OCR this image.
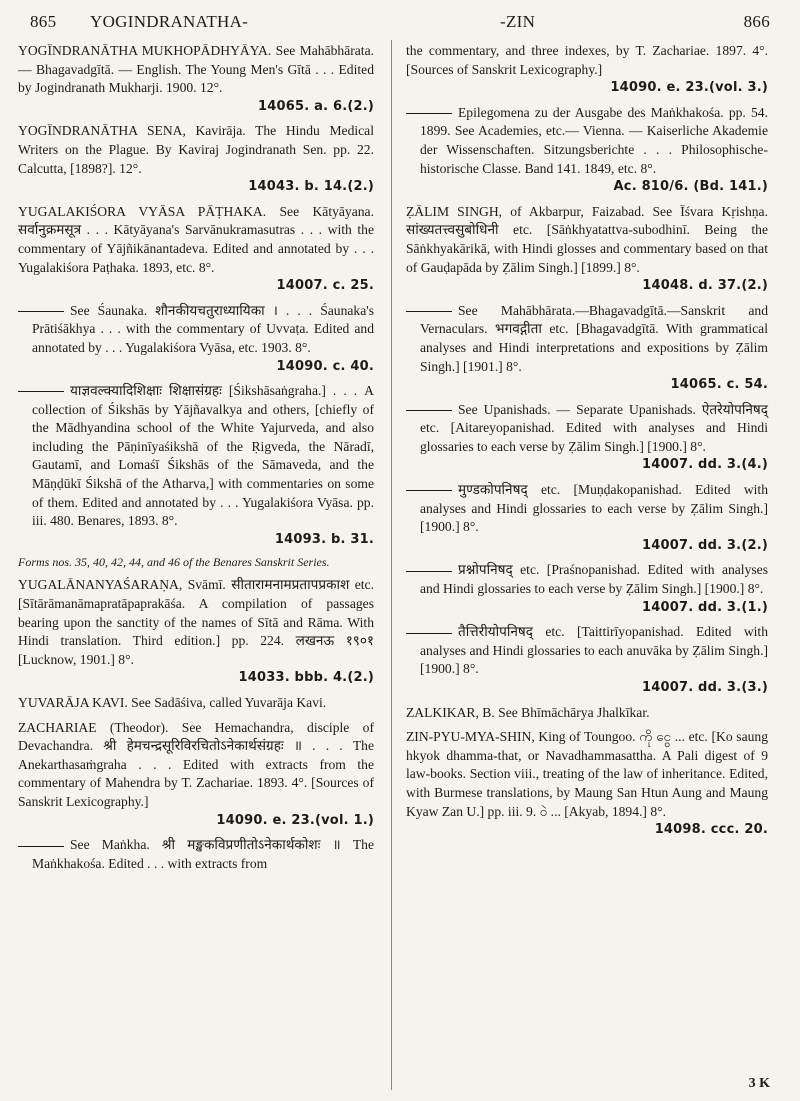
865 YOGINDRANATHA-	-ZIN	866
YOGĪNDRANĀTHA MUKHOPĀDHYĀYA. See Mahābhārata. — Bhagavadgītā. — English. The Young Men's Gītā . . . Edited by Jogindranath Mukharji. 1900. 12°.
14065. a. 6.(2.)
YOGĪNDRANĀTHA SENA, Kavirāja. The Hindu Medical Writers on the Plague. By Kaviraj Jogindranath Sen. pp. 22. Calcutta, [1898?]. 12°.
14043. b. 14.(2.)
YUGALAKIŚORA VYĀSA PĀṬHAKA. See Kātyāyana. सर्वानुक्रमसूत्र . . . Kātyāyana's Sarvānukramasutras . . . with the commentary of Yājñikānantadeva. Edited and annotated by . . . Yugalakiśora Paṭhaka. 1893, etc. 8°.
14007. c. 25.
See Śaunaka. शौनकीयचतुराध्यायिका । . . . Śaunaka's Prātiśākhya . . . with the commentary of Uvvaṭa. Edited and annotated by . . . Yugalakiśora Vyāsa, etc. 1903. 8°.
14090. c. 40.
याज्ञवल्क्यादिशिक्षाः शिक्षासंग्रहः [Śikshāsaṅgraha.] . . . A collection of Śikshās by Yājñavalkya and others, [chiefly of the Mādhyandina school of the White Yajurveda, and also including the Pāṇinīyaśikshā of the Ṛigveda, the Nāradī, Gautamī, and Lomaśī Śikshās of the Sāmaveda, and the Māṇḍūkī Śikshā of the Atharva,] with commentaries on some of them. Edited and annotated by . . . Yugalakiśora Vyāsa. pp. iii. 480. Benares, 1893. 8°.
14093. b. 31.
Forms nos. 35, 40, 42, 44, and 46 of the Benares Sanskrit Series.
YUGALĀNANYAŚARAṆA, Svāmī. सीतारामनामप्रतापप्रकाश etc. [Sītārāmanāmapratāpaprakāśa. A compilation of passages bearing upon the sanctity of the names of Sītā and Rāma. With Hindi translation. Third edition.] pp. 224. लखनऊ १९०१ [Lucknow, 1901.] 8°.
14033. bbb. 4.(2.)
YUVARĀJA KAVI. See Sadāśiva, called Yuvarāja Kavi.
ZACHARIAE (Theodor). See Hemachandra, disciple of Devachandra. श्री हेमचन्द्रसूरिविरचितोऽनेकार्थसंग्रहः ॥ . . . The Anekarthasaṁgraha . . . Edited with extracts from the commentary of Mahendra by T. Zachariae. 1893. 4°. [Sources of Sanskrit Lexicography.]
14090. e. 23.(vol. 1.)
See Maṅkha. श्री मङ्खकविप्रणीतोऽनेकार्थकोशः ॥ The Maṅkhakośa. Edited . . . with extracts from
the commentary, and three indexes, by T. Zachariae. 1897. 4°. [Sources of Sanskrit Lexicography.]
14090. e. 23.(vol. 3.)
Epilegomena zu der Ausgabe des Maṅkhakośa. pp. 54. 1899. See Academies, etc.— Vienna. — Kaiserliche Akademie der Wissenschaften. Sitzungsberichte . . . Philosophische-historische Classe. Band 141. 1849, etc. 8°.
Ac. 810/6. (Bd. 141.)
ẒĀLIM SINGH, of Akbarpur, Faizabad. See Īśvara Kṛishṇa. सांख्यतत्त्वसुबोधिनी etc. [Sāṅkhyatattva-subodhinī. Being the Sāṅkhyakārikā, with Hindi glosses and commentary based on that of Gauḍapāda by Ẓālim Singh.] [1899.] 8°.
14048. d. 37.(2.)
See Mahābhārata.—Bhagavadgītā.—Sanskrit and Vernaculars. भगवद्गीता etc. [Bhagavadgītā. With grammatical analyses and Hindi interpretations and expositions by Ẓālim Singh.] [1901.] 8°.
14065. c. 54.
See Upanishads. — Separate Upanishads. ऐतरेयोपनिषद् etc. [Aitareyopanishad. Edited with analyses and Hindi glossaries to each verse by Ẓālim Singh.] [1900.] 8°.
14007. dd. 3.(4.)
मुण्डकोपनिषद् etc. [Muṇḍakopanishad. Edited with analyses and Hindi glossaries to each verse by Ẓālim Singh.] [1900.] 8°.
14007. dd. 3.(2.)
प्रश्नोपनिषद् etc. [Praśnopanishad. Edited with analyses and Hindi glossaries to each verse by Ẓālim Singh.] [1900.] 8°.
14007. dd. 3.(1.)
तैत्तिरीयोपनिषद् etc. [Taittirīyopanishad. Edited with analyses and Hindi glossaries to each anuvāka by Ẓālim Singh.] [1900.] 8°.
14007. dd. 3.(3.)
ZALKIKAR, B. See Bhīmāchārya Jhalkīkar.
ZIN-PYU-MYA-SHIN, King of Toungoo. ကို ငွေ ... etc. [Ko saung hkyok dhamma-that, or Navadhammasattha. A Pali digest of 9 law-books. Section viii., treating of the law of inheritance. Edited, with Burmese translations, by Maung San Htun Aung and Maung Kyaw Zan U.] pp. iii. 9. ဝဲ ... [Akyab, 1894.] 8°.
14098. ccc. 20.
3 K
